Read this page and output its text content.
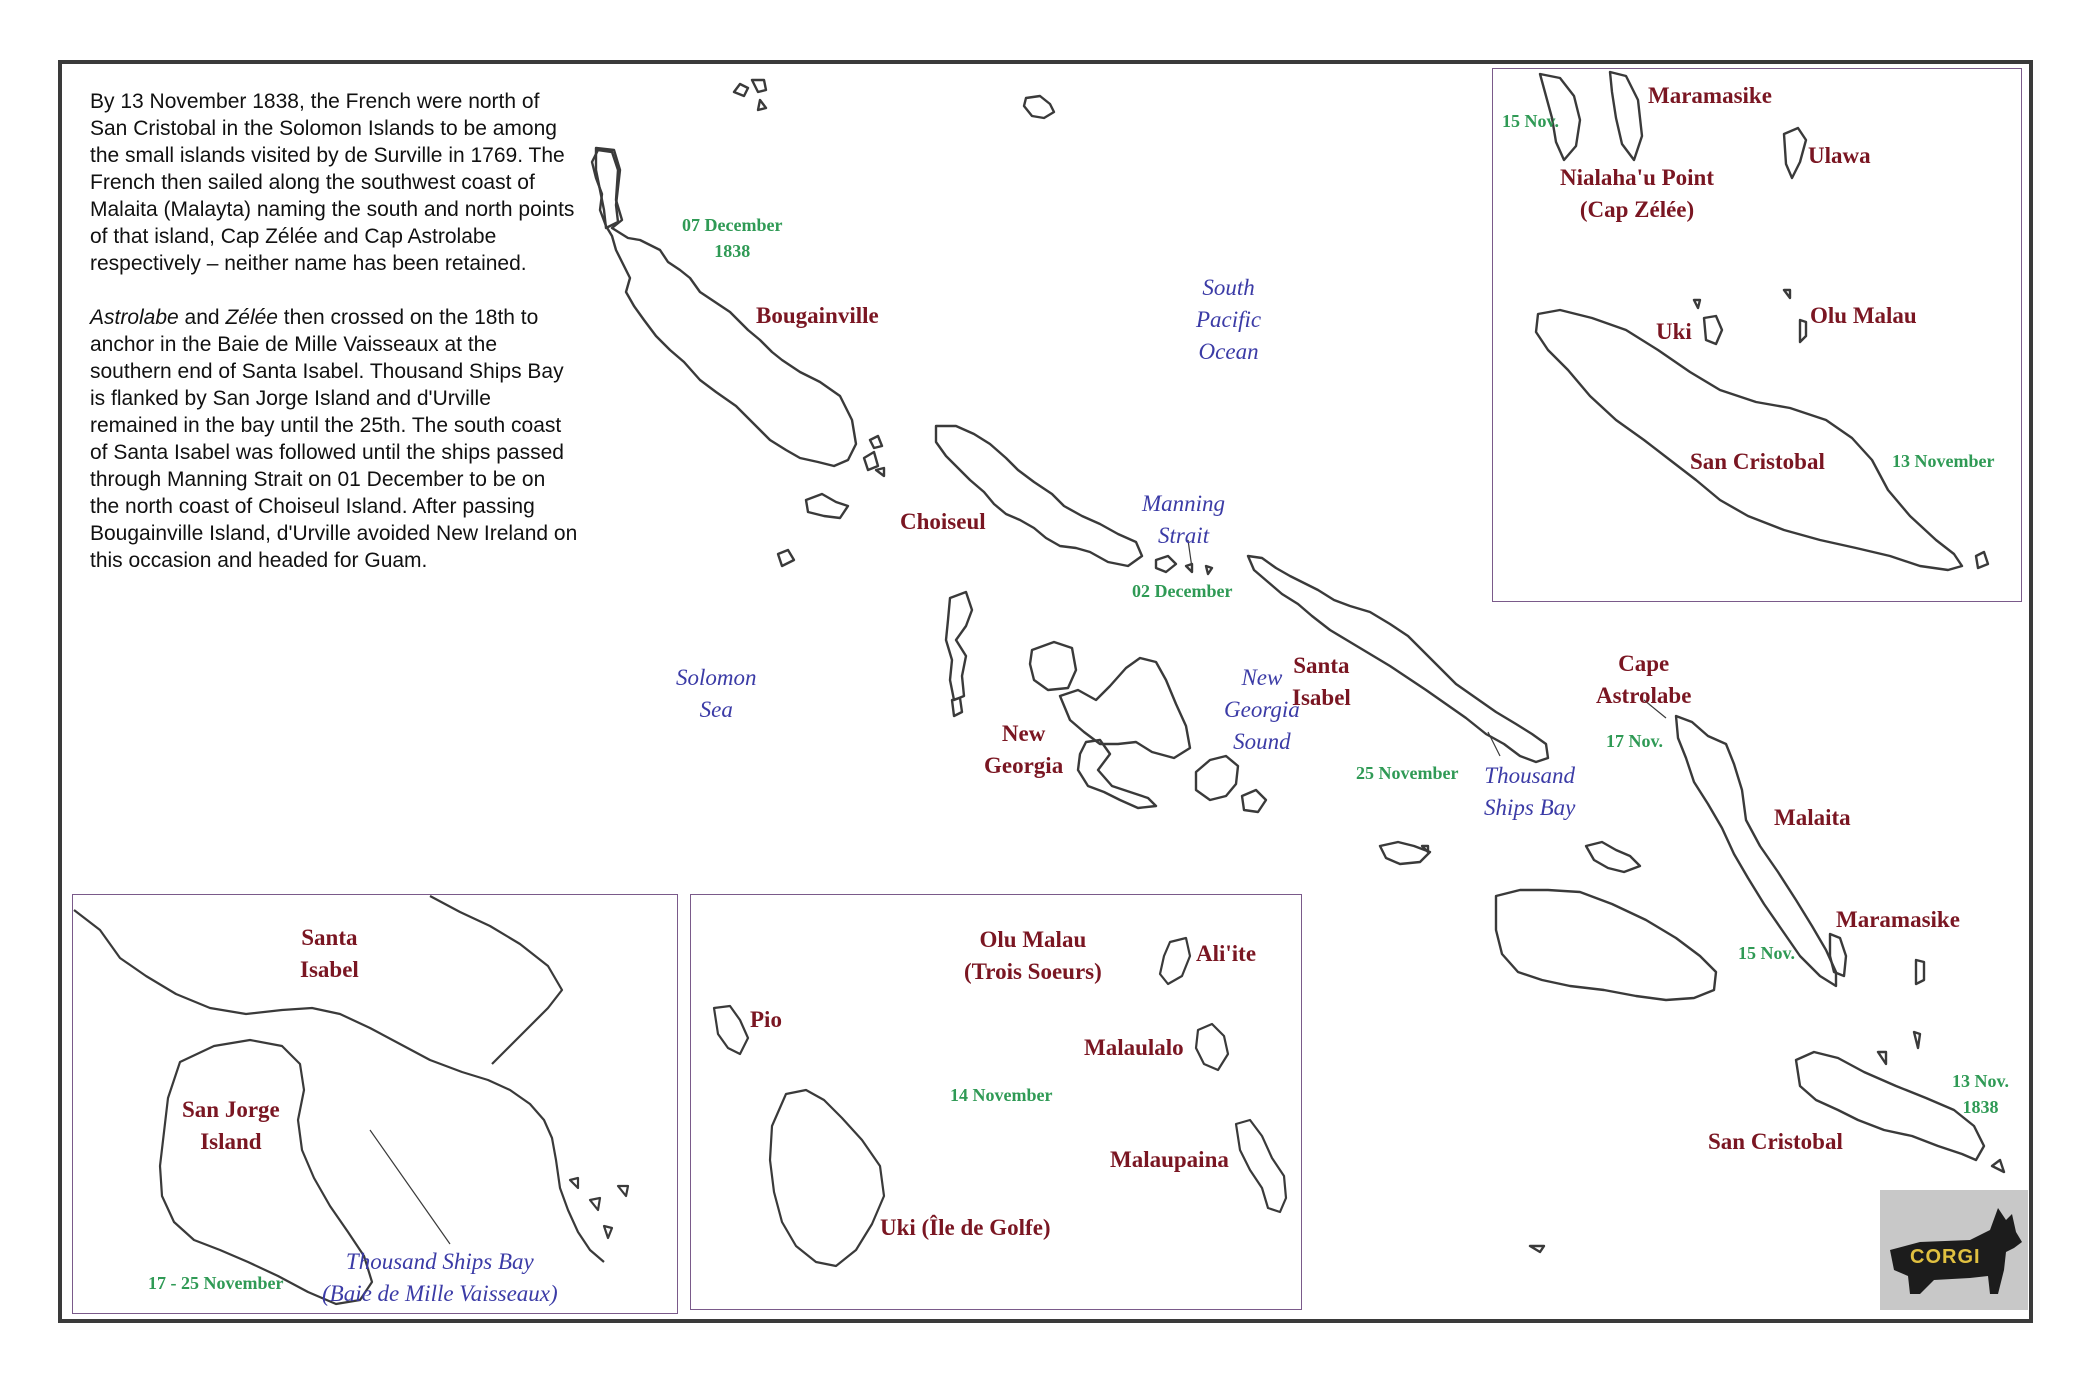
By 13 November 1838, the French were north of San Cristobal in the Solomon Islands to be among the small islands visited by de Surville in 1769. The French then sailed along the southwest coast of Malaita (Malayta) naming the south and north points of that island, Cap Zélée and Cap Astrolabe respectively – neither name has been retained.

Astrolabe and Zélée then crossed on the 18th to anchor in the Baie de Mille Vaisseaux at the southern end of Santa Isabel. Thousand Ships Bay is flanked by San Jorge Island and d'Urville remained in the bay until the 25th. The south coast of Santa Isabel was followed until the ships passed through Manning Strait on 01 December to be on the north coast of Choiseul Island. After passing Bougainville Island, d'Urville avoided New Ireland on this occasion and headed for Guam.

07 December
1838
Bougainville
South
Pacific
Ocean
Manning
Strait
Choiseul
02 December
Solomon
Sea
New
Georgia
Sound
Santa
Isabel
New
Georgia	25 November Thousand
Ships Bay
Cape
Astrolabe
17 Nov.
Malaita
Maramasike
15 Nov.
13 Nov.
1838
San Cristobal
Maramasike
15 Nov.
Ulawa
Nialaha'u Point
(Cap Zélée)
Uki
Olu Malau
San Cristobal	13 November
Santa
Isabel
San Jorge
Island
Thousand Ships Bay
(Baie de Mille Vaisseaux)
17 - 25 November
Olu Malau
(Trois Soeurs)
Ali'ite
Pio
Malaulalo
14 November
Malaupaina
Uki (Île de Golfe)
CORGI
